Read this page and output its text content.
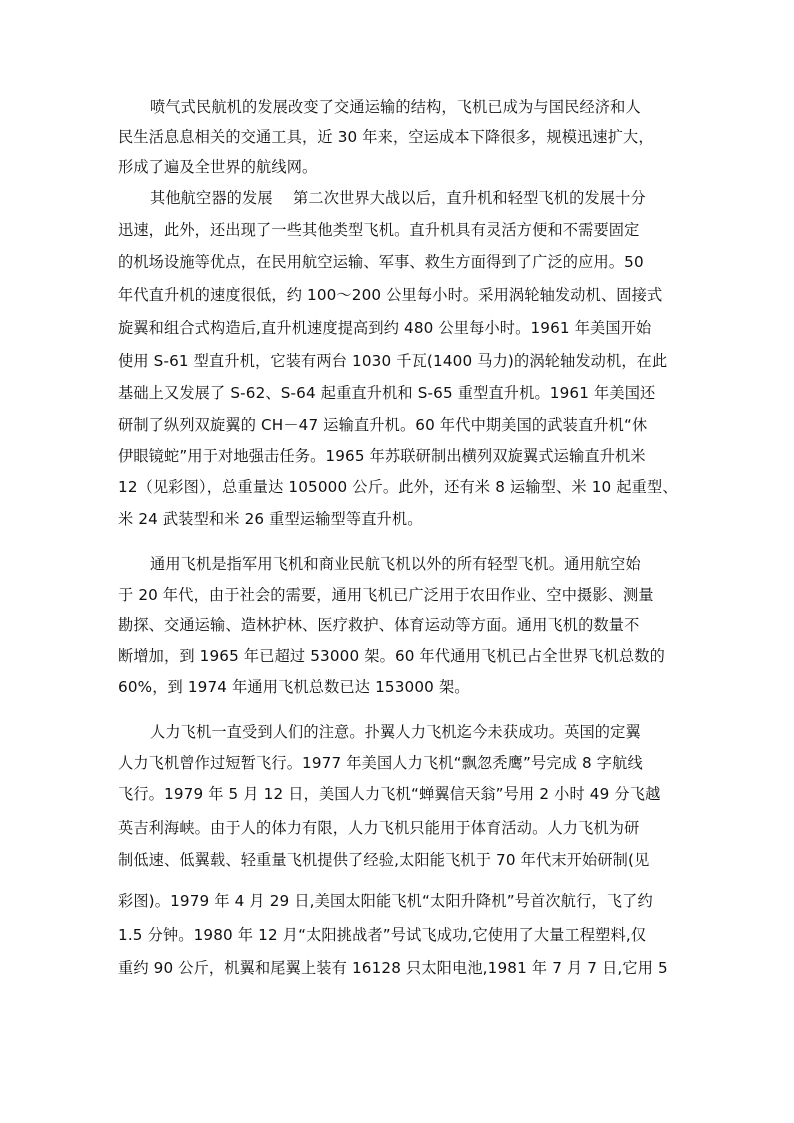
喷气式民航机的发展改变了交通运输的结构，飞机已成为与国民经济和人
民生活息息相关的交通工具，近 30 年来，空运成本下降很多，规模迅速扩大，
形成了遍及全世界的航线网。
其他航空器的发展　 第二次世界大战以后，直升机和轻型飞机的发展十分
迅速，此外，还出现了一些其他类型飞机。直升机具有灵活方便和不需要固定
的机场设施等优点，在民用航空运输、军事、救生方面得到了广泛的应用。50
年代直升机的速度很低，约 100～200 公里每小时。采用涡轮轴发动机、固接式
旋翼和组合式构造后,直升机速度提高到约 480 公里每小时。1961 年美国开始
使用 S-61 型直升机，它装有两台 1030 千瓦(1400 马力)的涡轮轴发动机，在此
基础上又发展了 S-62、S-64 起重直升机和 S-65 重型直升机。1961 年美国还
研制了纵列双旋翼的 CH－47 运输直升机。60 年代中期美国的武装直升机“休
伊眼镜蛇”用于对地强击任务。1965 年苏联研制出横列双旋翼式运输直升机米
12（见彩图），总重量达 105000 公斤。此外，还有米 8 运输型、米 10 起重型、
米 24 武装型和米 26 重型运输型等直升机。
通用飞机是指军用飞机和商业民航飞机以外的所有轻型飞机。通用航空始
于 20 年代，由于社会的需要，通用飞机已广泛用于农田作业、空中摄影、测量
勘探、交通运输、造林护林、医疗救护、体育运动等方面。通用飞机的数量不
断增加，到 1965 年已超过 53000 架。60 年代通用飞机已占全世界飞机总数的
60%，到 1974 年通用飞机总数已达 153000 架。
人力飞机一直受到人们的注意。扑翼人力飞机迄今未获成功。英国的定翼
人力飞机曾作过短暂飞行。1977 年美国人力飞机“飘忽秃鹰”号完成 8 字航线
飞行。1979 年 5 月 12 日，美国人力飞机“蝉翼信天翁”号用 2 小时 49 分飞越
英吉利海峡。由于人的体力有限，人力飞机只能用于体育活动。人力飞机为研
制低速、低翼载、轻重量飞机提供了经验,太阳能飞机于 70 年代末开始研制(见
彩图)。1979 年 4 月 29 日,美国太阳能飞机“太阳升降机”号首次航行，飞了约
1.5 分钟。1980 年 12 月“太阳挑战者”号试飞成功,它使用了大量工程塑料,仅
重约 90 公斤，机翼和尾翼上装有 16128 只太阳电池,1981 年 7 月 7 日,它用 5
